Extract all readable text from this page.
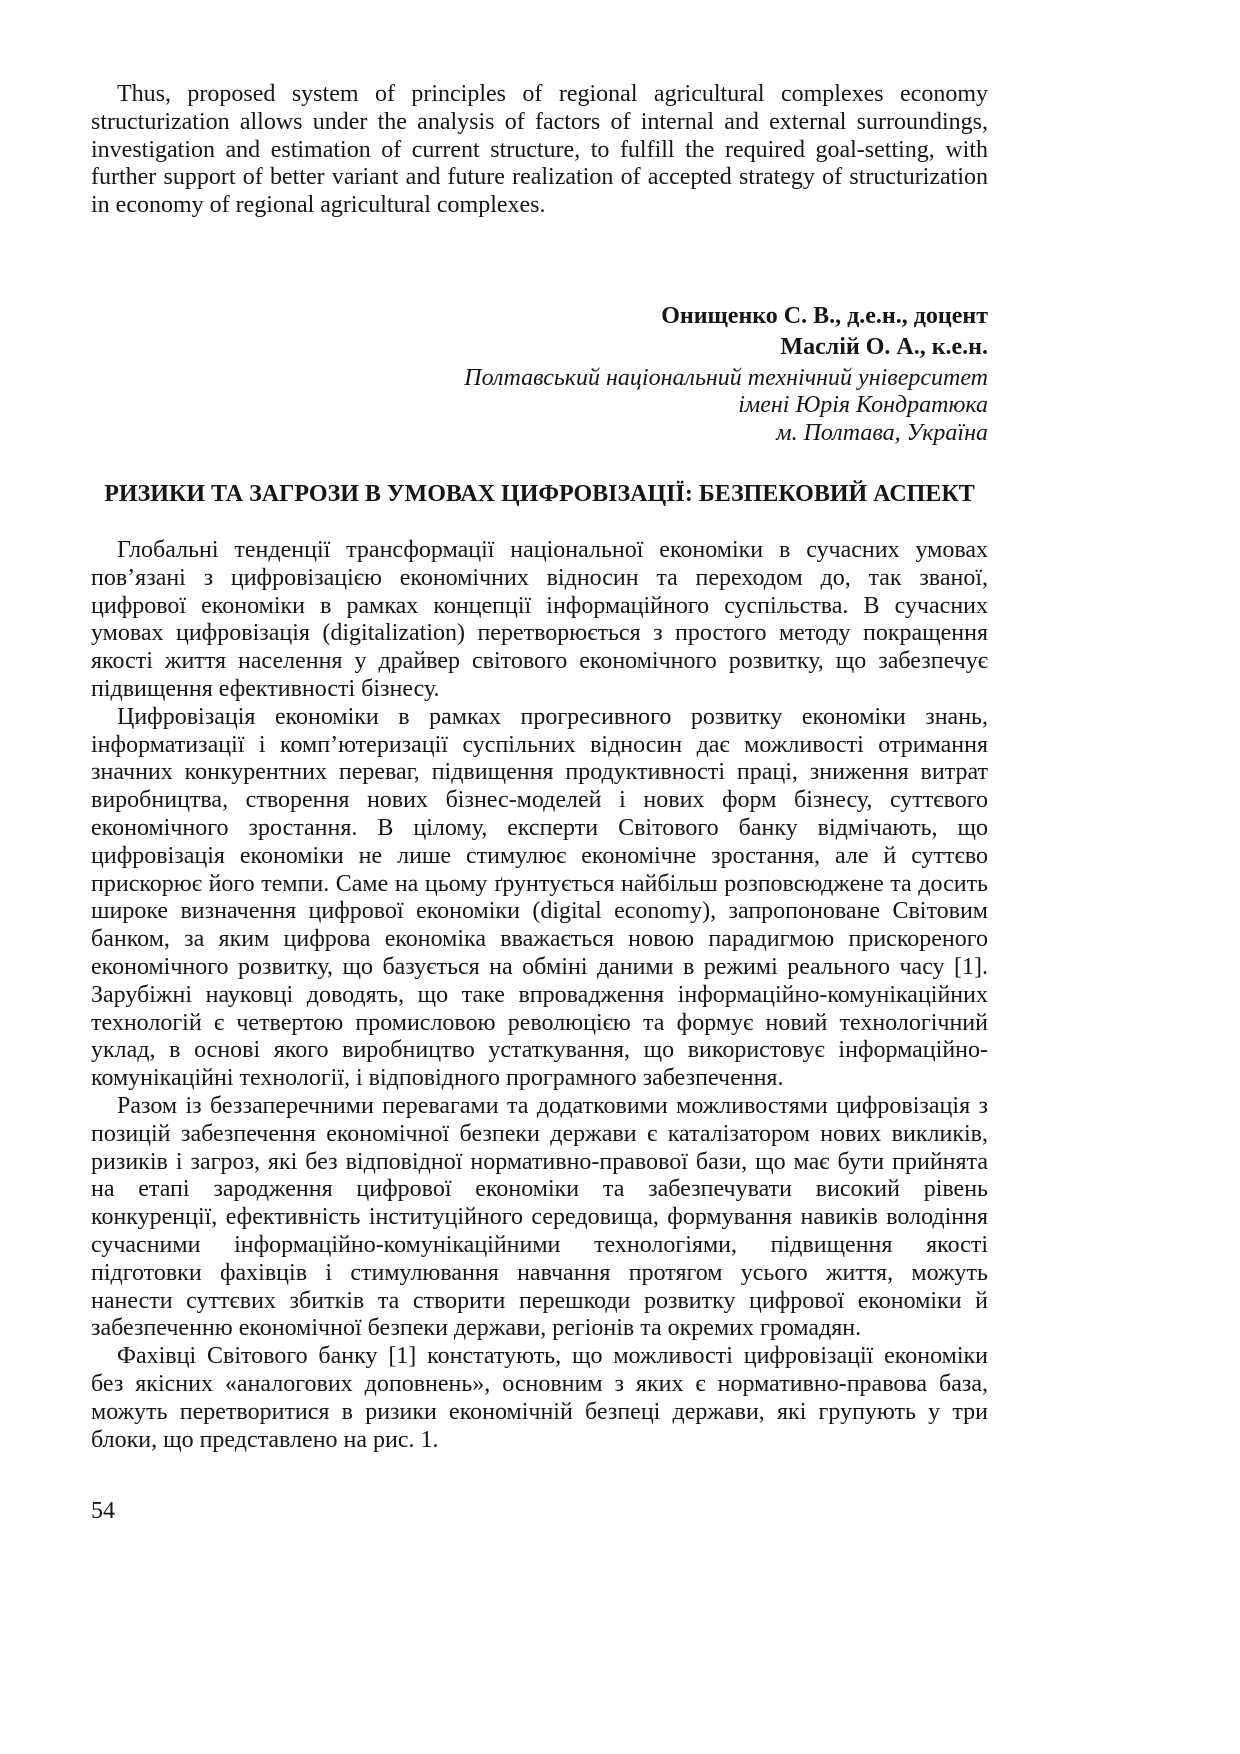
Thus, proposed system of principles of regional agricultural complexes economy
structurization allows under the analysis of factors of internal and external surroundings,
investigation and estimation of current structure, to fulfill the required goal-setting, with
further support of better variant and future realization of accepted strategy of structurization
in economy of regional agricultural complexes.
Онищенко С. В., д.е.н., доцент
Маслій О. А., к.е.н.
Полтавський національний технічний університет
імені Юрія Кондратюка
м. Полтава, Україна
РИЗИКИ ТА ЗАГРОЗИ В УМОВАХ ЦИФРОВІЗАЦІЇ: БЕЗПЕКОВИЙ АСПЕКТ
Глобальні тенденції трансформації національної економіки в сучасних умовах
пов’язані з цифровізацією економічних відносин та переходом до, так званої,
цифрової економіки в рамках концепції інформаційного суспільства. В сучасних
умовах цифровізація (digitalization) перетворюється з простого методу покращення
якості життя населення у драйвер світового економічного розвитку, що забезпечує
підвищення ефективності бізнесу.
Цифровізація економіки в рамках прогресивного розвитку економіки знань,
інформатизації і комп’ютеризації суспільних відносин дає можливості отримання
значних конкурентних переваг, підвищення продуктивності праці, зниження витрат
виробництва, створення нових бізнес-моделей і нових форм бізнесу, суттєвого
економічного зростання. В цілому, експерти Світового банку відмічають, що
цифровізація економіки не лише стимулює економічне зростання, але й суттєво
прискорює його темпи. Саме на цьому ґрунтується найбільш розповсюджене та досить
широке визначення цифрової економіки (digital economy), запропоноване Світовим
банком, за яким цифрова економіка вважається новою парадигмою прискореного
економічного розвитку, що базується на обміні даними в режимі реального часу [1].
Зарубіжні науковці доводять, що таке впровадження інформаційно-комунікаційних
технологій є четвертою промисловою революцією та формує новий технологічний
уклад, в основі якого виробництво устаткування, що використовує інформаційно-
комунікаційні технології, і відповідного програмного забезпечення.
Разом із беззаперечними перевагами та додатковими можливостями цифровізація з
позицій забезпечення економічної безпеки держави є каталізатором нових викликів,
ризиків і загроз, які без відповідної нормативно-правової бази, що має бути прийнята
на етапі зародження цифрової економіки та забезпечувати високий рівень
конкуренції, ефективність інституційного середовища, формування навиків володіння
сучасними інформаційно-комунікаційними технологіями, підвищення якості
підготовки фахівців і стимулювання навчання протягом усього життя, можуть
нанести суттєвих збитків та створити перешкоди розвитку цифрової економіки й
забезпеченню економічної безпеки держави, регіонів та окремих громадян.
Фахівці Світового банку [1] констатують, що можливості цифровізації економіки
без якісних «аналогових доповнень», основним з яких є нормативно-правова база,
можуть перетворитися в ризики економічній безпеці держави, які групують у три
блоки, що представлено на рис. 1.
54
